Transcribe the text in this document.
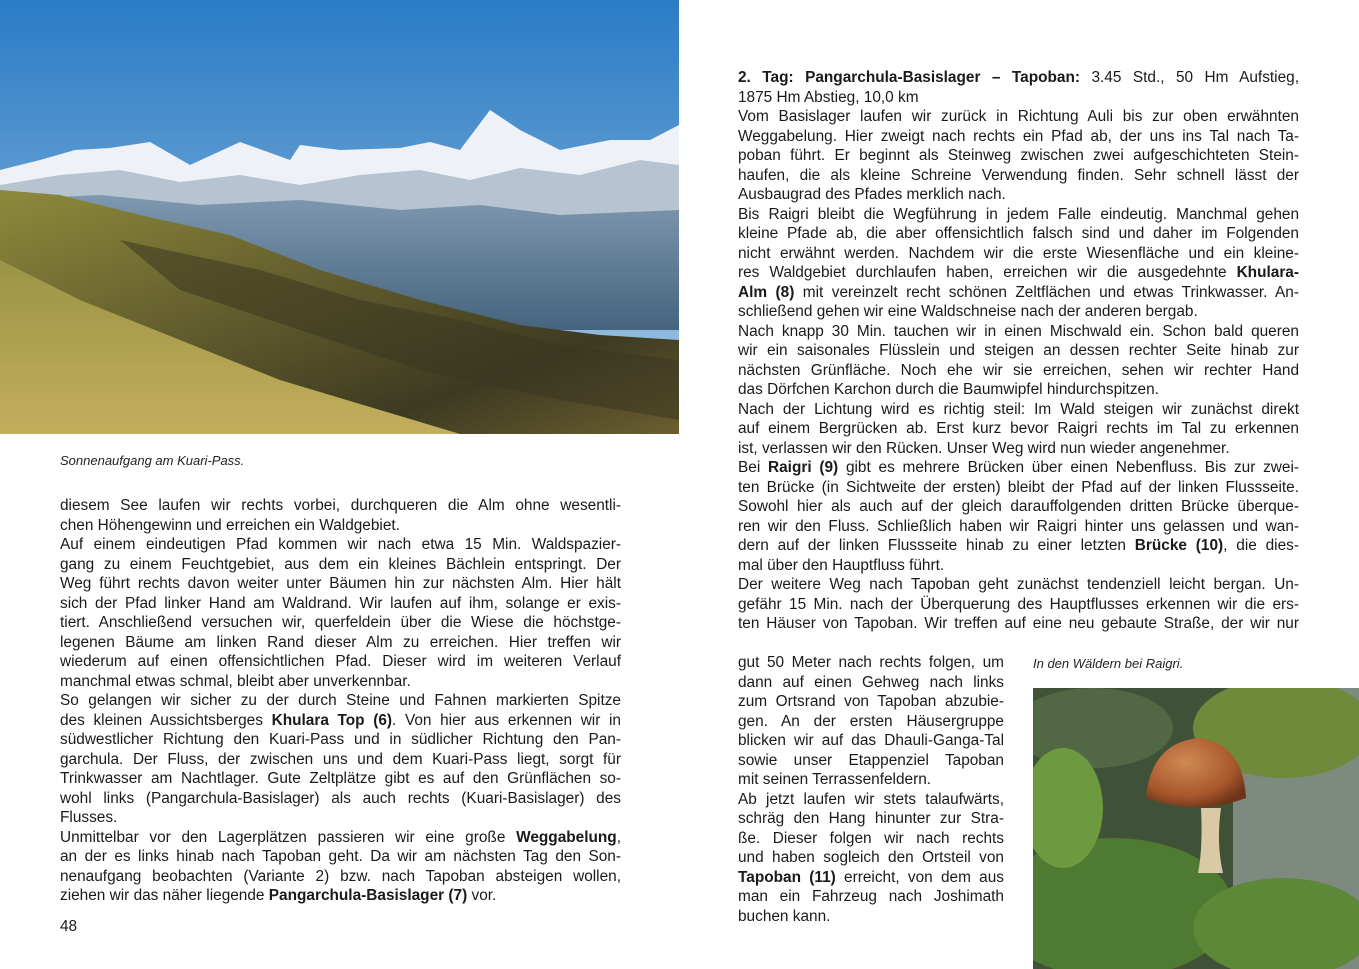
Sonnenaufgang am Kuari-Pass.
In den Wäldern bei Raigri.
diesem See laufen wir rechts vorbei, durchqueren die Alm ohne wesentli-
chen Höhengewinn und erreichen ein Waldgebiet.
Auf einem eindeutigen Pfad kommen wir nach etwa 15 Min. Waldspazier-
gang zu einem Feuchtgebiet, aus dem ein kleines Bächlein entspringt. Der
Weg führt rechts davon weiter unter Bäumen hin zur nächsten Alm. Hier hält
sich der Pfad linker Hand am Waldrand. Wir laufen auf ihm, solange er exis-
tiert. Anschließend versuchen wir, querfeldein über die Wiese die höchstge-
legenen Bäume am linken Rand dieser Alm zu erreichen. Hier treffen wir
wiederum auf einen offensichtlichen Pfad. Dieser wird im weiteren Verlauf
manchmal etwas schmal, bleibt aber unverkennbar.
So gelangen wir sicher zu der durch Steine und Fahnen markierten Spitze
des kleinen Aussichtsberges Khulara Top (6). Von hier aus erkennen wir in
südwestlicher Richtung den Kuari-Pass und in südlicher Richtung den Pan-
garchula. Der Fluss, der zwischen uns und dem Kuari-Pass liegt, sorgt für
Trinkwasser am Nachtlager. Gute Zeltplätze gibt es auf den Grünflächen so-
wohl links (Pangarchula-Basislager) als auch rechts (Kuari-Basislager) des
Flusses.
Unmittelbar vor den Lagerplätzen passieren wir eine große Weggabelung,
an der es links hinab nach Tapoban geht. Da wir am nächsten Tag den Son-
nenaufgang beobachten (Variante 2) bzw. nach Tapoban absteigen wollen,
ziehen wir das näher liegende Pangarchula-Basislager (7) vor.
2. Tag: Pangarchula-Basislager – Tapoban: 3.45 Std., 50 Hm Aufstieg,
1875 Hm Abstieg, 10,0 km
Vom Basislager laufen wir zurück in Richtung Auli bis zur oben erwähnten
Weggabelung. Hier zweigt nach rechts ein Pfad ab, der uns ins Tal nach Ta-
poban führt. Er beginnt als Steinweg zwischen zwei aufgeschichteten Stein-
haufen, die als kleine Schreine Verwendung finden. Sehr schnell lässt der
Ausbaugrad des Pfades merklich nach.
Bis Raigri bleibt die Wegführung in jedem Falle eindeutig. Manchmal gehen
kleine Pfade ab, die aber offensichtlich falsch sind und daher im Folgenden
nicht erwähnt werden. Nachdem wir die erste Wiesenfläche und ein kleine-
res Waldgebiet durchlaufen haben, erreichen wir die ausgedehnte Khulara-
Alm (8) mit vereinzelt recht schönen Zeltflächen und etwas Trinkwasser. An-
schließend gehen wir eine Waldschneise nach der anderen bergab.
Nach knapp 30 Min. tauchen wir in einen Mischwald ein. Schon bald queren
wir ein saisonales Flüsslein und steigen an dessen rechter Seite hinab zur
nächsten Grünfläche. Noch ehe wir sie erreichen, sehen wir rechter Hand
das Dörfchen Karchon durch die Baumwipfel hindurchspitzen.
Nach der Lichtung wird es richtig steil: Im Wald steigen wir zunächst direkt
auf einem Bergrücken ab. Erst kurz bevor Raigri rechts im Tal zu erkennen
ist, verlassen wir den Rücken. Unser Weg wird nun wieder angenehmer.
Bei Raigri (9) gibt es mehrere Brücken über einen Nebenfluss. Bis zur zwei-
ten Brücke (in Sichtweite der ersten) bleibt der Pfad auf der linken Flussseite.
Sowohl hier als auch auf der gleich darauffolgenden dritten Brücke überque-
ren wir den Fluss. Schließlich haben wir Raigri hinter uns gelassen und wan-
dern auf der linken Flussseite hinab zu einer letzten Brücke (10), die dies-
mal über den Hauptfluss führt.
Der weitere Weg nach Tapoban geht zunächst tendenziell leicht bergan. Un-
gefähr 15 Min. nach der Überquerung des Hauptflusses erkennen wir die ers-
ten Häuser von Tapoban. Wir treffen auf eine neu gebaute Straße, der wir nur
gut 50 Meter nach rechts folgen, um
dann auf einen Gehweg nach links
zum Ortsrand von Tapoban abzubie-
gen. An der ersten Häusergruppe
blicken wir auf das Dhauli-Ganga-Tal
sowie unser Etappenziel Tapoban
mit seinen Terrassenfeldern.
Ab jetzt laufen wir stets talaufwärts,
schräg den Hang hinunter zur Stra-
ße. Dieser folgen wir nach rechts
und haben sogleich den Ortsteil von
Tapoban (11) erreicht, von dem aus
man ein Fahrzeug nach Joshimath
buchen kann.
48
